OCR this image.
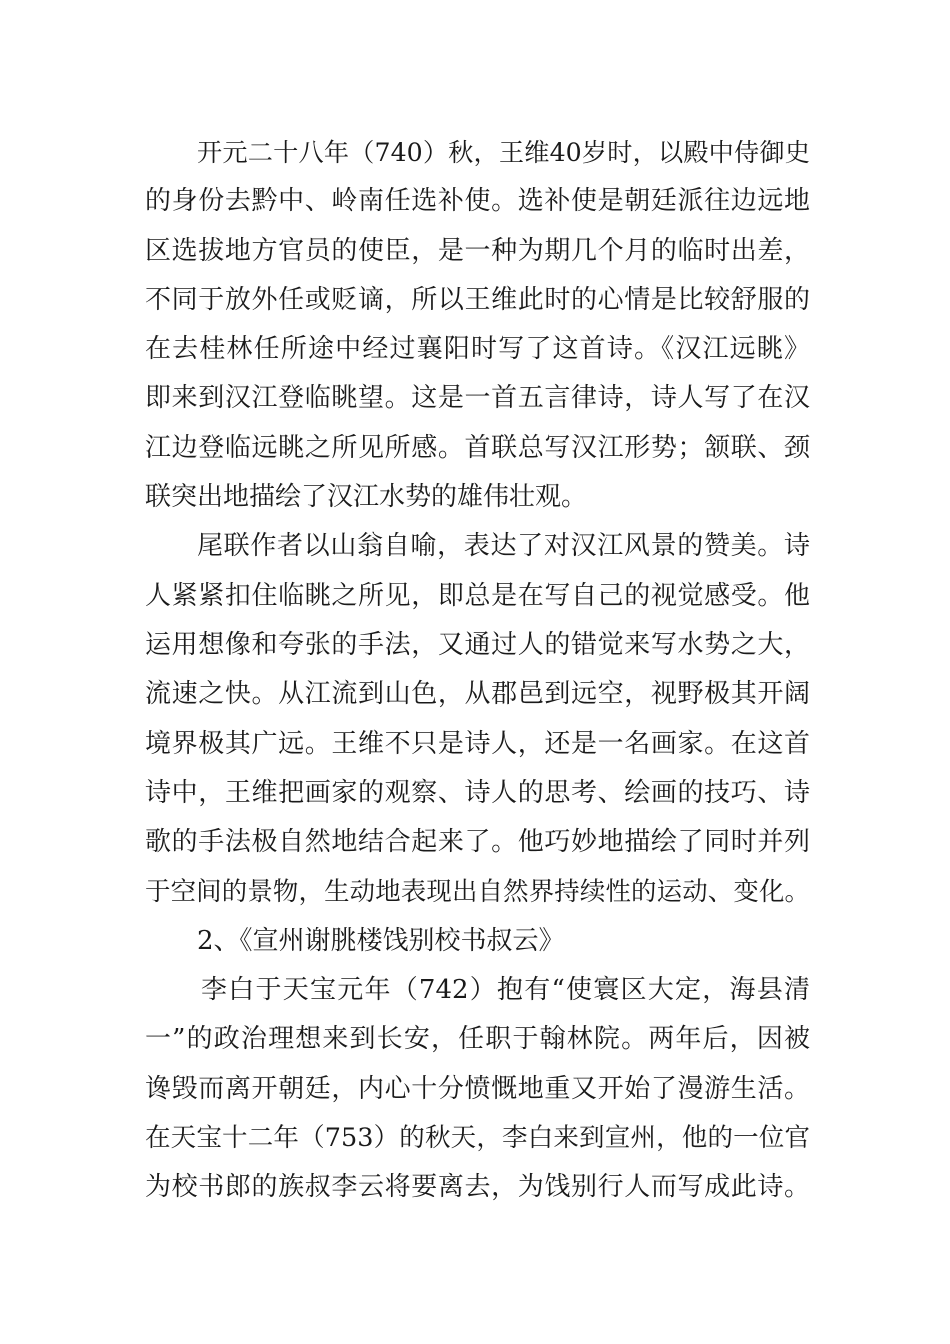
开元二十八年（740）秋，王维40岁时，以殿中侍御史
的身份去黔中、岭南任选补使。选补使是朝廷派往边远地
区选拔地方官员的使臣，是一种为期几个月的临时出差，
不同于放外任或贬谪，所以王维此时的心情是比较舒服的
在去桂林任所途中经过襄阳时写了这首诗。《汉江远眺》
即来到汉江登临眺望。这是一首五言律诗，诗人写了在汉
江边登临远眺之所见所感。首联总写汉江形势；颔联、颈
联突出地描绘了汉江水势的雄伟壮观。
尾联作者以山翁自喻，表达了对汉江风景的赞美。诗
人紧紧扣住临眺之所见，即总是在写自己的视觉感受。他
运用想像和夸张的手法，又通过人的错觉来写水势之大，
流速之快。从江流到山色，从郡邑到远空，视野极其开阔
境界极其广远。王维不只是诗人，还是一名画家。在这首
诗中，王维把画家的观察、诗人的思考、绘画的技巧、诗
歌的手法极自然地结合起来了。他巧妙地描绘了同时并列
于空间的景物，生动地表现出自然界持续性的运动、变化。
2、《宣州谢朓楼饯别校书叔云》
李白于天宝元年（742）抱有“使寰区大定，海县清
一”的政治理想来到长安，任职于翰林院。两年后，因被
谗毁而离开朝廷，内心十分愤慨地重又开始了漫游生活。
在天宝十二年（753）的秋天，李白来到宣州，他的一位官
为校书郎的族叔李云将要离去，为饯别行人而写成此诗。
